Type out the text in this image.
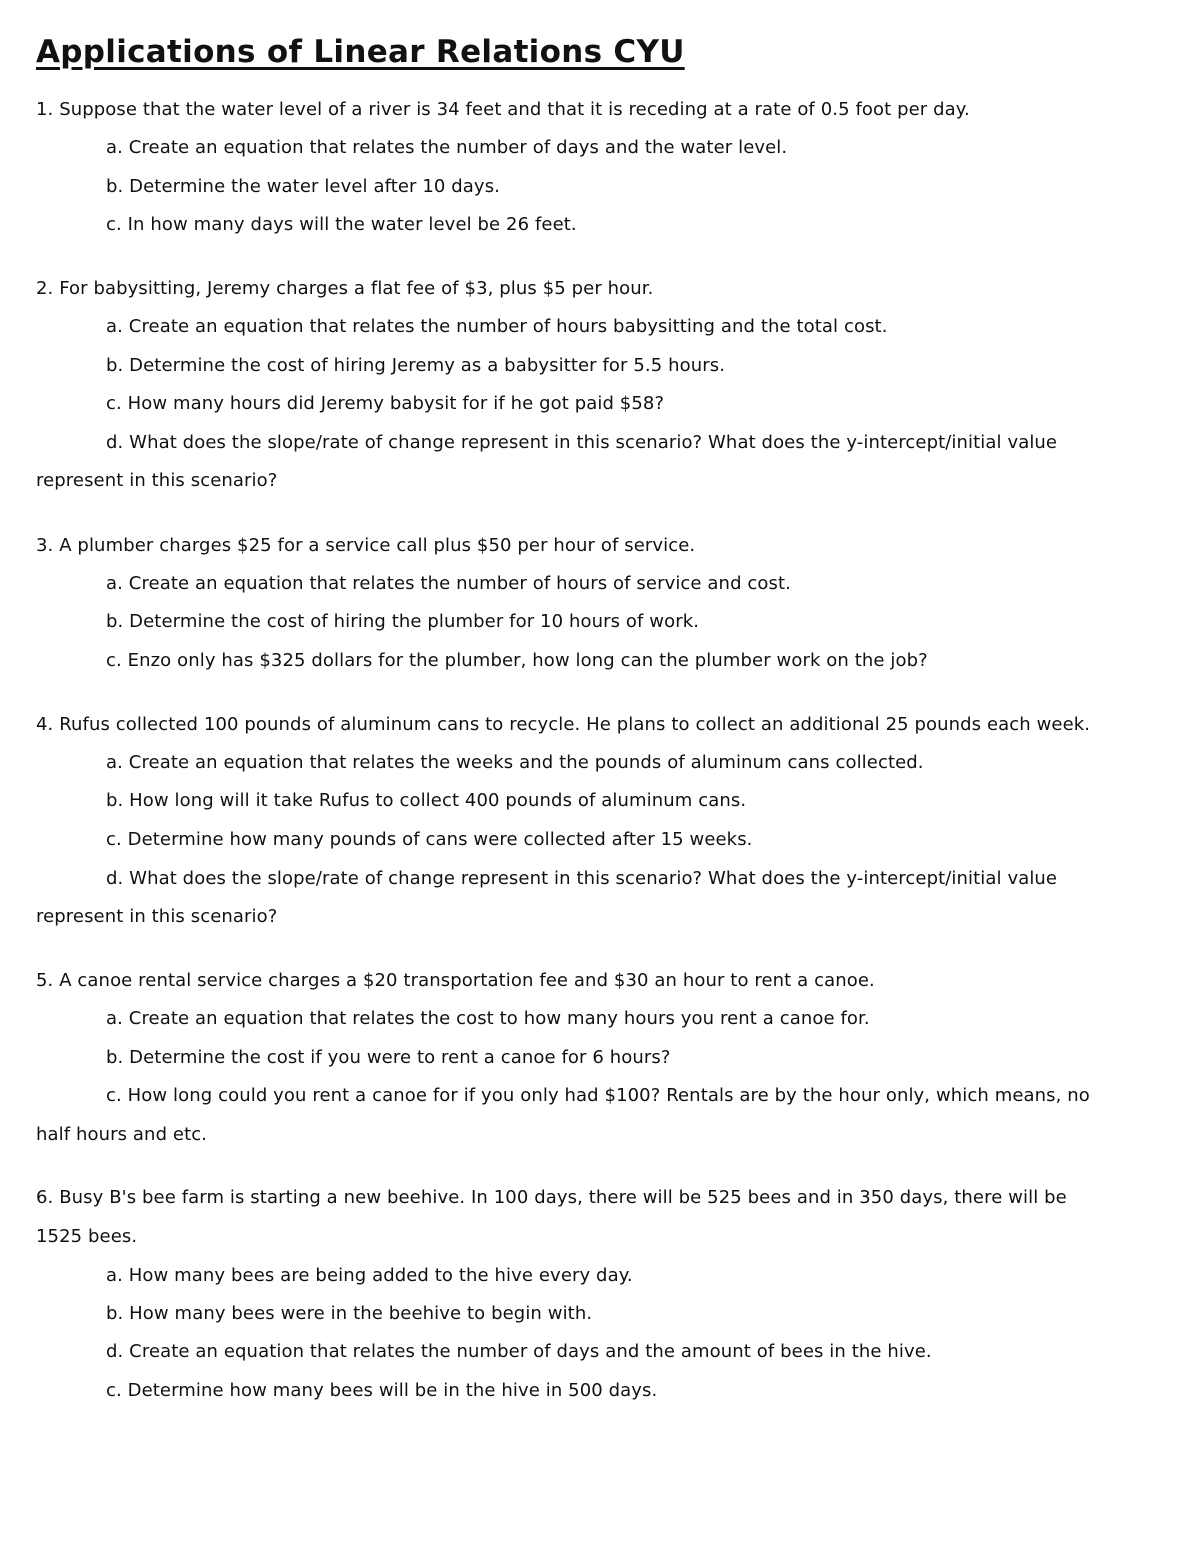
Applications of Linear Relations CYU
1. Suppose that the water level of a river is 34 feet and that it is receding at a rate of 0.5 foot per day.
a. Create an equation that relates the number of days and the water level.
b. Determine the water level after 10 days.
c. In how many days will the water level be 26 feet.
2. For babysitting, Jeremy charges a flat fee of $3, plus $5 per hour.
a. Create an equation that relates the number of hours babysitting and the total cost.
b. Determine the cost of hiring Jeremy as a babysitter for 5.5 hours.
c. How many hours did Jeremy babysit for if he got paid $58?
d. What does the slope/rate of change represent in this scenario? What does the y-intercept/initial value
represent in this scenario?
3. A plumber charges $25 for a service call plus $50 per hour of service.
a. Create an equation that relates the number of hours of service and cost.
b. Determine the cost of hiring the plumber for 10 hours of work.
c. Enzo only has $325 dollars for the plumber, how long can the plumber work on the job?
4. Rufus collected 100 pounds of aluminum cans to recycle. He plans to collect an additional 25 pounds each week.
a. Create an equation that relates the weeks and the pounds of aluminum cans collected.
b. How long will it take Rufus to collect 400 pounds of aluminum cans.
c. Determine how many pounds of cans were collected after 15 weeks.
d. What does the slope/rate of change represent in this scenario? What does the y-intercept/initial value
represent in this scenario?
5. A canoe rental service charges a $20 transportation fee and $30 an hour to rent a canoe.
a. Create an equation that relates the cost to how many hours you rent a canoe for.
b. Determine the cost if you were to rent a canoe for 6 hours?
c. How long could you rent a canoe for if you only had $100? Rentals are by the hour only, which means, no
half hours and etc.
6. Busy B's bee farm is starting a new beehive. In 100 days, there will be 525 bees and in 350 days, there will be
1525 bees.
a. How many bees are being added to the hive every day.
b. How many bees were in the beehive to begin with.
d. Create an equation that relates the number of days and the amount of bees in the hive.
c. Determine how many bees will be in the hive in 500 days.
